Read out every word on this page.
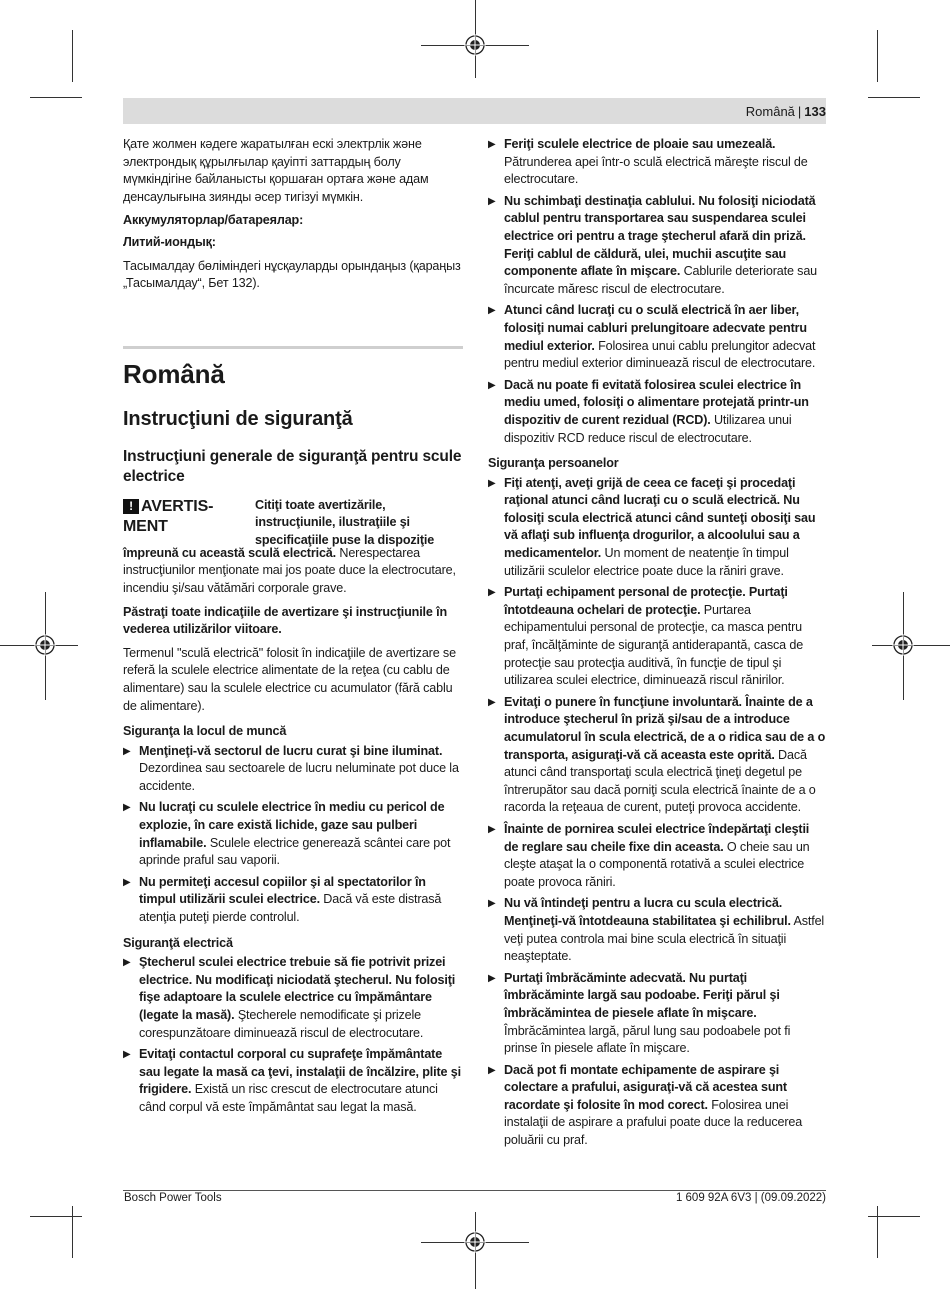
Română | 133

Қате жолмен кәдеге жаратылған ескі электрлік және электрондық құрылғылар қауіпті заттардың болу мүмкіндігіне байланысты қоршаған ортаға және адам денсаулығына зиянды әсер тигізуі мүмкін.

Аккумуляторлар/батареялар:

Литий-иондық:

Тасымалдау бөліміндегі нұсқауларды орындаңыз (қараңыз „Тасымалдау“, Бет 132).

Română
Instrucţiuni de siguranţă
Instrucţiuni generale de siguranţă pentru scule electrice
! AVERTIS-
MENT
Citiţi toate avertizările, instrucţiunile, ilustraţiile şi specificaţiile puse la dispoziţie

împreună cu această sculă electrică. Nerespectarea instrucţiunilor menţionate mai jos poate duce la electrocutare, incendiu şi/sau vătămări corporale grave.

Păstraţi toate indicaţiile de avertizare şi instrucţiunile în vederea utilizărilor viitoare.

Termenul "sculă electrică" folosit în indicaţiile de avertizare se referă la sculele electrice alimentate de la reţea (cu cablu de alimentare) sau la sculele electrice cu acumulator (fără cablu de alimentare).

Siguranţa la locul de muncă

▶ Menţineţi-vă sectorul de lucru curat şi bine iluminat. Dezordinea sau sectoarele de lucru neluminate pot duce la accidente.
▶ Nu lucraţi cu sculele electrice în mediu cu pericol de explozie, în care există lichide, gaze sau pulberi inflamabile. Sculele electrice generează scântei care pot aprinde praful sau vaporii.
▶ Nu permiteţi accesul copiilor şi al spectatorilor în timpul utilizării sculei electrice. Dacă vă este distrasă atenţia puteţi pierde controlul.

Siguranţă electrică

▶ Ştecherul sculei electrice trebuie să fie potrivit prizei electrice. Nu modificaţi niciodată ştecherul. Nu folosiţi fişe adaptoare la sculele electrice cu împământare (legate la masă). Ştecherele nemodificate şi prizele corespunzătoare diminuează riscul de electrocutare.
▶ Evitaţi contactul corporal cu suprafeţe împământate sau legate la masă ca ţevi, instalaţii de încălzire, plite şi frigidere. Există un risc crescut de electrocutare atunci când corpul vă este împământat sau legat la masă.
▶ Feriţi sculele electrice de ploaie sau umezeală. Pătrunderea apei într-o sculă electrică măreşte riscul de electrocutare.
▶ Nu schimbaţi destinaţia cablului. Nu folosiţi niciodată cablul pentru transportarea sau suspendarea sculei electrice ori pentru a trage ştecherul afară din priză. Feriţi cablul de căldură, ulei, muchii ascuţite sau componente aflate în mişcare. Cablurile deteriorate sau încurcate măresc riscul de electrocutare.
▶ Atunci când lucraţi cu o sculă electrică în aer liber, folosiţi numai cabluri prelungitoare adecvate pentru mediul exterior. Folosirea unui cablu prelungitor adecvat pentru mediul exterior diminuează riscul de electrocutare.
▶ Dacă nu poate fi evitată folosirea sculei electrice în mediu umed, folosiţi o alimentare protejată printr-un dispozitiv de curent rezidual (RCD). Utilizarea unui dispozitiv RCD reduce riscul de electrocutare.

Siguranţa persoanelor

▶ Fiţi atenţi, aveţi grijă de ceea ce faceţi şi procedaţi raţional atunci când lucraţi cu o sculă electrică. Nu folosiţi scula electrică atunci când sunteţi obosiţi sau vă aflaţi sub influenţa drogurilor, a alcoolului sau a medicamentelor. Un moment de neatenţie în timpul utilizării sculelor electrice poate duce la răniri grave.
▶ Purtaţi echipament personal de protecţie. Purtaţi întotdeauna ochelari de protecţie. Purtarea echipamentului personal de protecţie, ca masca pentru praf, încălţăminte de siguranţă antiderapantă, casca de protecţie sau protecţia auditivă, în funcţie de tipul şi utilizarea sculei electrice, diminuează riscul rănirilor.
▶ Evitaţi o punere în funcţiune involuntară. Înainte de a introduce ştecherul în priză şi/sau de a introduce acumulatorul în scula electrică, de a o ridica sau de a o transporta, asiguraţi-vă că aceasta este oprită. Dacă atunci când transportaţi scula electrică ţineţi degetul pe întrerupător sau dacă porniţi scula electrică înainte de a o racorda la reţeaua de curent, puteţi provoca accidente.
▶ Înainte de pornirea sculei electrice îndepărtaţi cleştii de reglare sau cheile fixe din aceasta. O cheie sau un cleşte ataşat la o componentă rotativă a sculei electrice poate provoca răniri.
▶ Nu vă întindeţi pentru a lucra cu scula electrică. Menţineţi-vă întotdeauna stabilitatea şi echilibrul. Astfel veţi putea controla mai bine scula electrică în situaţii neaşteptate.
▶ Purtaţi îmbrăcăminte adecvată. Nu purtaţi îmbrăcăminte largă sau podoabe. Feriţi părul şi îmbrăcămintea de piesele aflate în mişcare. Îmbrăcămintea largă, părul lung sau podoabele pot fi prinse în piesele aflate în mişcare.
▶ Dacă pot fi montate echipamente de aspirare şi colectare a prafului, asiguraţi-vă că acestea sunt racordate şi folosite în mod corect. Folosirea unei instalaţii de aspirare a prafului poate duce la reducerea poluării cu praf.
Bosch Power Tools	1 609 92A 6V3 | (09.09.2022)
